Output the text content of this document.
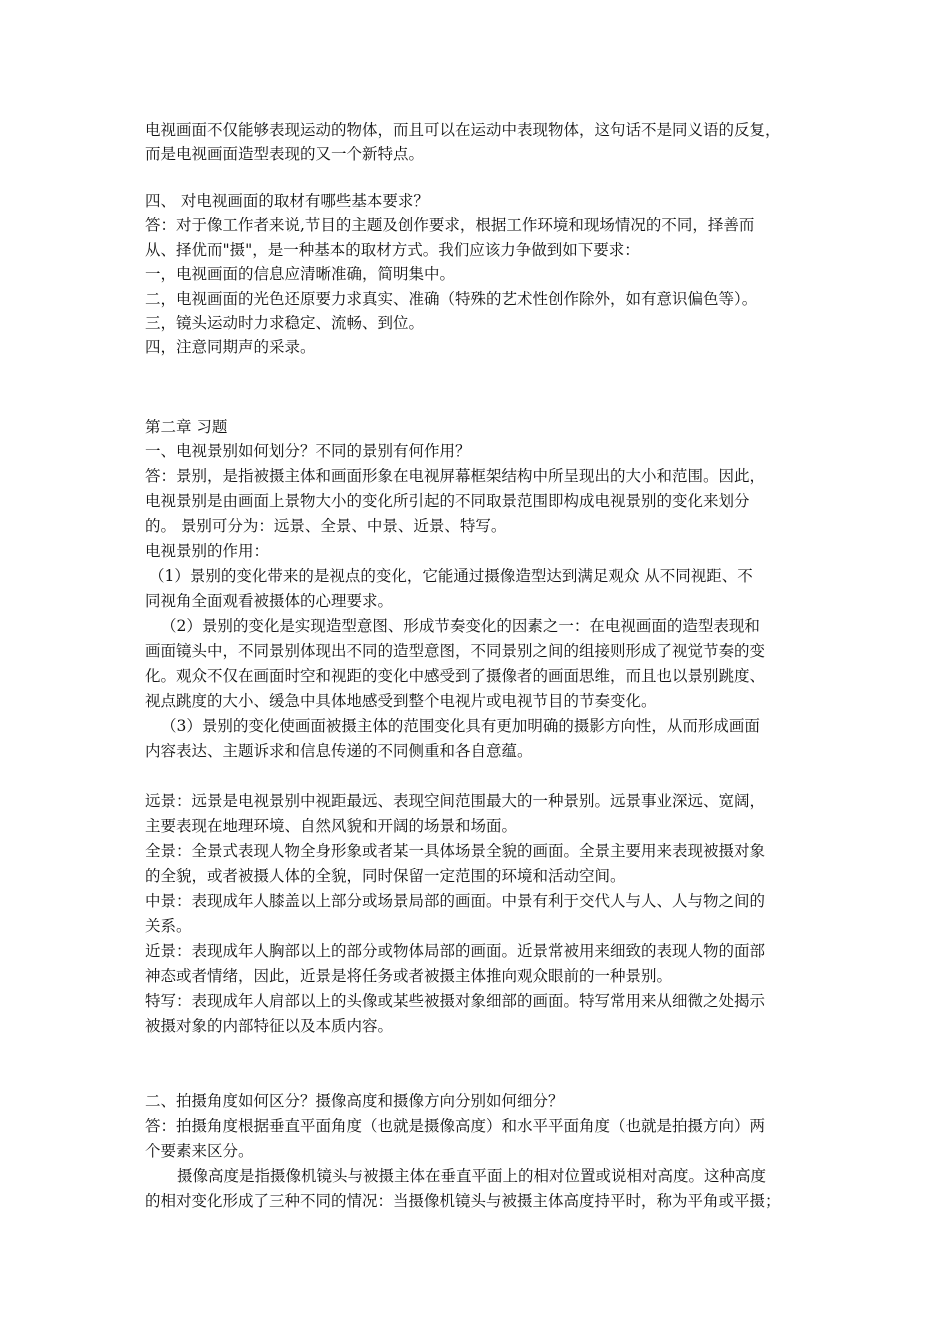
电视画面不仅能够表现运动的物体，而且可以在运动中表现物体，这句话不是同义语的反复，
而是电视画面造型表现的又一个新特点。
四、 对电视画面的取材有哪些基本要求？
答：对于像工作者来说,节目的主题及创作要求，根据工作环境和现场情况的不同，择善而
从、择优而"摄"，是一种基本的取材方式。我们应该力争做到如下要求：
一，电视画面的信息应清晰准确，简明集中。
二，电视画面的光色还原要力求真实、准确（特殊的艺术性创作除外，如有意识偏色等）。
三，镜头运动时力求稳定、流畅、到位。
四，注意同期声的采录。
第二章 习题
一、电视景别如何划分？不同的景别有何作用？
答：景别，是指被摄主体和画面形象在电视屏幕框架结构中所呈现出的大小和范围。因此，
电视景别是由画面上景物大小的变化所引起的不同取景范围即构成电视景别的变化来划分
的。 景别可分为：远景、全景、中景、近景、特写。
电视景别的作用：
（1）景别的变化带来的是视点的变化，它能通过摄像造型达到满足观众 从不同视距、不
同视角全面观看被摄体的心理要求。
（2）景别的变化是实现造型意图、形成节奏变化的因素之一：在电视画面的造型表现和
画面镜头中，不同景别体现出不同的造型意图，不同景别之间的组接则形成了视觉节奏的变
化。观众不仅在画面时空和视距的变化中感受到了摄像者的画面思维，而且也以景别跳度、
视点跳度的大小、缓急中具体地感受到整个电视片或电视节目的节奏变化。
（3）景别的变化使画面被摄主体的范围变化具有更加明确的摄影方向性，从而形成画面
内容表达、主题诉求和信息传递的不同侧重和各自意蕴。
远景：远景是电视景别中视距最远、表现空间范围最大的一种景别。远景事业深远、宽阔，
主要表现在地理环境、自然风貌和开阔的场景和场面。
全景：全景式表现人物全身形象或者某一具体场景全貌的画面。全景主要用来表现被摄对象
的全貌，或者被摄人体的全貌，同时保留一定范围的环境和活动空间。
中景：表现成年人膝盖以上部分或场景局部的画面。中景有利于交代人与人、人与物之间的
关系。
近景：表现成年人胸部以上的部分或物体局部的画面。近景常被用来细致的表现人物的面部
神态或者情绪，因此，近景是将任务或者被摄主体推向观众眼前的一种景别。
特写：表现成年人肩部以上的头像或某些被摄对象细部的画面。特写常用来从细微之处揭示
被摄对象的内部特征以及本质内容。
二、拍摄角度如何区分？摄像高度和摄像方向分别如何细分？
答：拍摄角度根据垂直平面角度（也就是摄像高度）和水平平面角度（也就是拍摄方向）两
个要素来区分。
摄像高度是指摄像机镜头与被摄主体在垂直平面上的相对位置或说相对高度。这种高度
的相对变化形成了三种不同的情况：当摄像机镜头与被摄主体高度持平时，称为平角或平摄；
